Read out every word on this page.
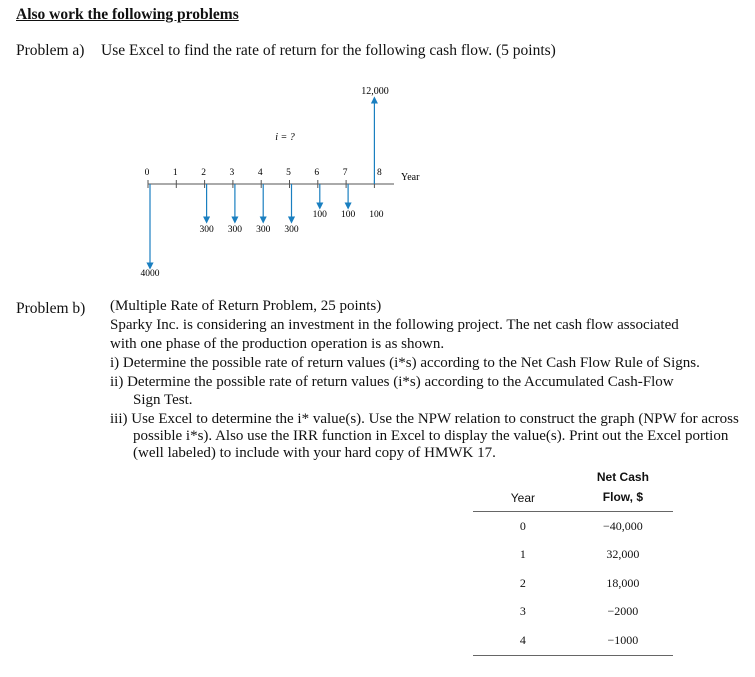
Also work the following problems
Problem a) Use Excel to find the rate of return for the following cash flow. (5 points)
12,000
i = ?
Year
4000
0 1 2 3 4 5 6 7	8
300 300 300 300
100 100 100
Problem b) (Multiple Rate of Return Problem, 25 points)
Sparky Inc. is considering an investment in the following project. The net cash flow associated
with one phase of the production operation is as shown.
i) Determine the possible rate of return values (i*s) according to the Net Cash Flow Rule of Signs.
ii) Determine the possible rate of return values (i*s) according to the Accumulated Cash-Flow
Sign Test.
iii) Use Excel to determine the i* value(s). Use the NPW relation to construct the graph (NPW for across
possible i*s). Also use the IRR function in Excel to display the value(s). Print out the Excel portion
(well labeled) to include with your hard copy of HMWK 17.
Year	Net Cash
Flow, $

0	−40,000
1	32,000
2	18,000
3	−2000
4	−1000
